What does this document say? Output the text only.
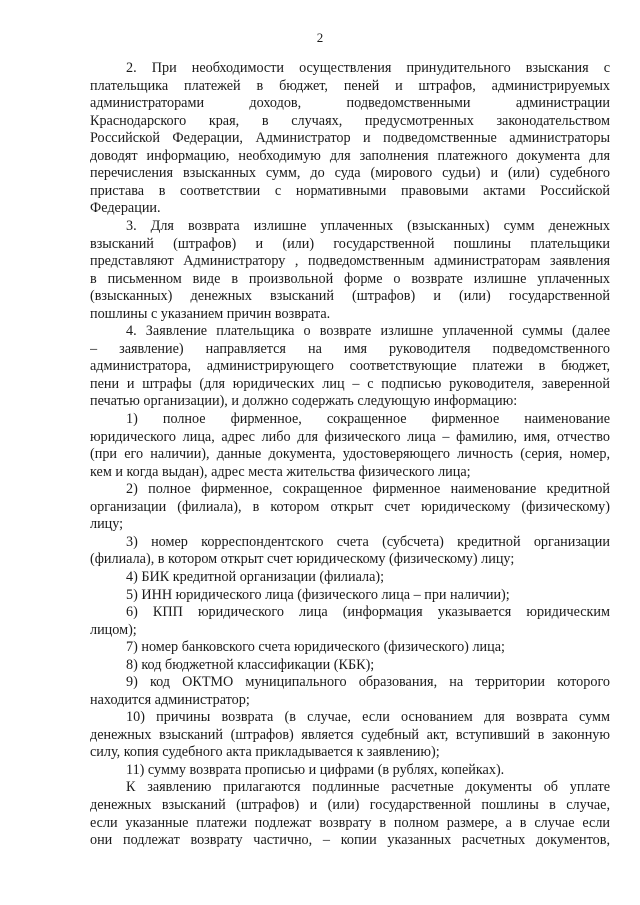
2
2. При необходимости осуществления принудительного взыскания с
плательщика платежей в бюджет, пеней и штрафов, администрируемых
администраторами доходов, подведомственными администрации
Краснодарского края, в случаях, предусмотренных законодательством
Российской Федерации, Администратор и подведомственные администраторы
доводят информацию, необходимую для заполнения платежного документа для
перечисления взысканных сумм, до суда (мирового судьи) и (или) судебного
пристава в соответствии с нормативными правовыми актами Российской
Федерации.
3. Для возврата излишне уплаченных (взысканных) сумм денежных
взысканий (штрафов) и (или) государственной пошлины плательщики
представляют Администратору , подведомственным администраторам заявления
в письменном виде в произвольной форме о возврате излишне уплаченных
(взысканных) денежных взысканий (штрафов) и (или) государственной
пошлины с указанием причин возврата.
4. Заявление плательщика о возврате излишне уплаченной суммы (далее
– заявление) направляется на имя руководителя подведомственного
администратора, администрирующего соответствующие платежи в бюджет,
пени и штрафы (для юридических лиц – с подписью руководителя, заверенной
печатью организации), и должно содержать следующую информацию:
1) полное фирменное, сокращенное фирменное наименование
юридического лица, адрес либо для физического лица – фамилию, имя, отчество
(при его наличии), данные документа, удостоверяющего личность (серия, номер,
кем и когда выдан), адрес места жительства физического лица;
2) полное фирменное, сокращенное фирменное наименование кредитной
организации (филиала), в котором открыт счет юридическому (физическому)
лицу;
3) номер корреспондентского счета (субсчета) кредитной организации
(филиала), в котором открыт счет юридическому (физическому) лицу;
4) БИК кредитной организации (филиала);
5) ИНН юридического лица (физического лица – при наличии);
6) КПП юридического лица (информация указывается юридическим
лицом);
7) номер банковского счета юридического (физического) лица;
8) код бюджетной классификации (КБК);
9) код ОКТМО муниципального образования, на территории которого
находится администратор;
10) причины возврата (в случае, если основанием для возврата сумм
денежных взысканий (штрафов) является судебный акт, вступивший в законную
силу, копия судебного акта прикладывается к заявлению);
11) сумму возврата прописью и цифрами (в рублях, копейках).
К заявлению прилагаются подлинные расчетные документы об уплате
денежных взысканий (штрафов) и (или) государственной пошлины в случае,
если указанные платежи подлежат возврату в полном размере, а в случае если
они подлежат возврату частично, – копии указанных расчетных документов,
